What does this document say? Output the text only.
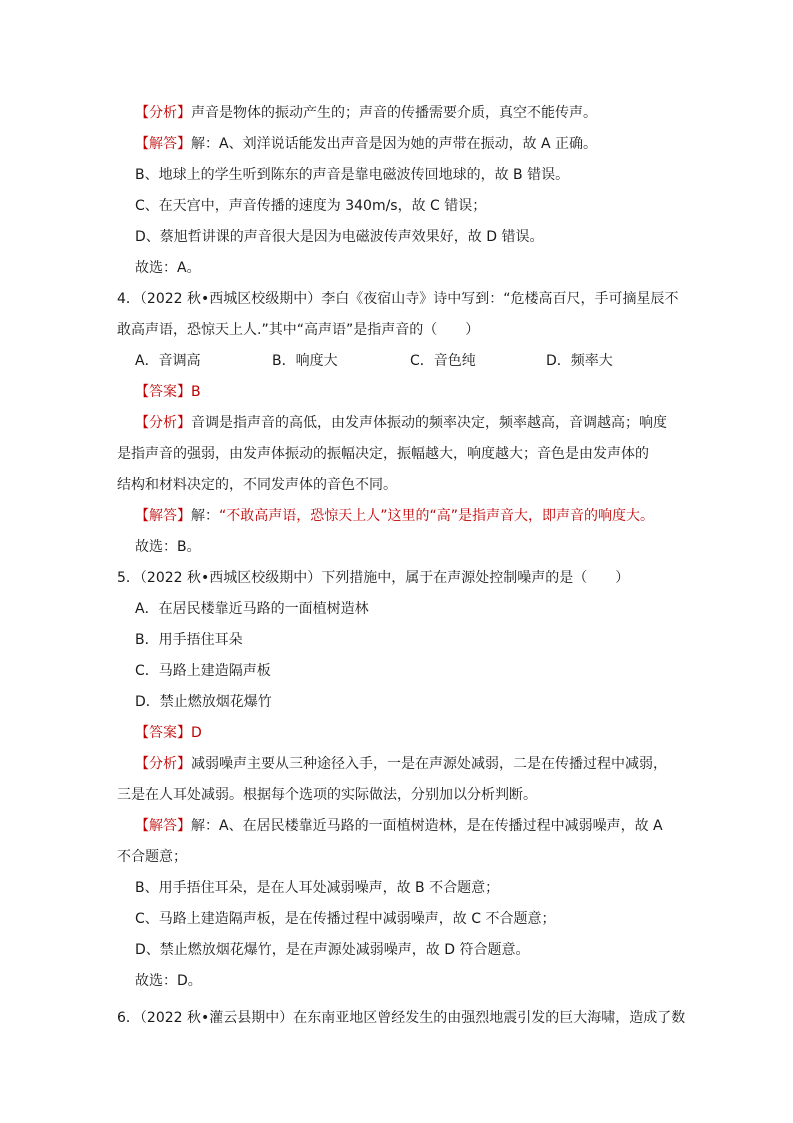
【分析】声音是物体的振动产生的；声音的传播需要介质，真空不能传声。
【解答】解：A、刘洋说话能发出声音是因为她的声带在振动，故 A 正确。
B、地球上的学生听到陈东的声音是靠电磁波传回地球的，故 B 错误。
C、在天宫中，声音传播的速度为 340m/s，故 C 错误；
D、蔡旭哲讲课的声音很大是因为电磁波传声效果好，故 D 错误。
故选：A。
4．（2022 秋•西城区校级期中）李白《夜宿山寺》诗中写到：“危楼高百尺，手可摘星辰不
敢高声语，恐惊天上人.”其中“高声语”是指声音的（　　）
A．音调高	B．响度大	C．音色纯	D．频率大
【答案】B
【分析】音调是指声音的高低，由发声体振动的频率决定，频率越高，音调越高；响度
是指声音的强弱，由发声体振动的振幅决定，振幅越大，响度越大；音色是由发声体的
结构和材料决定的，不同发声体的音色不同。
【解答】解：“不敢高声语，恐惊天上人”这里的“高”是指声音大，即声音的响度大。
故选：B。
5．（2022 秋•西城区校级期中）下列措施中，属于在声源处控制噪声的是（　　）
A．在居民楼靠近马路的一面植树造林
B．用手捂住耳朵
C．马路上建造隔声板
D．禁止燃放烟花爆竹
【答案】D
【分析】减弱噪声主要从三种途径入手，一是在声源处减弱，二是在传播过程中减弱，
三是在人耳处减弱。根据每个选项的实际做法，分别加以分析判断。
【解答】解：A、在居民楼靠近马路的一面植树造林，是在传播过程中减弱噪声，故 A
不合题意；
B、用手捂住耳朵，是在人耳处减弱噪声，故 B 不合题意；
C、马路上建造隔声板，是在传播过程中减弱噪声，故 C 不合题意；
D、禁止燃放烟花爆竹，是在声源处减弱噪声，故 D 符合题意。
故选：D。
6．（2022 秋•灌云县期中）在东南亚地区曾经发生的由强烈地震引发的巨大海啸，造成了数
